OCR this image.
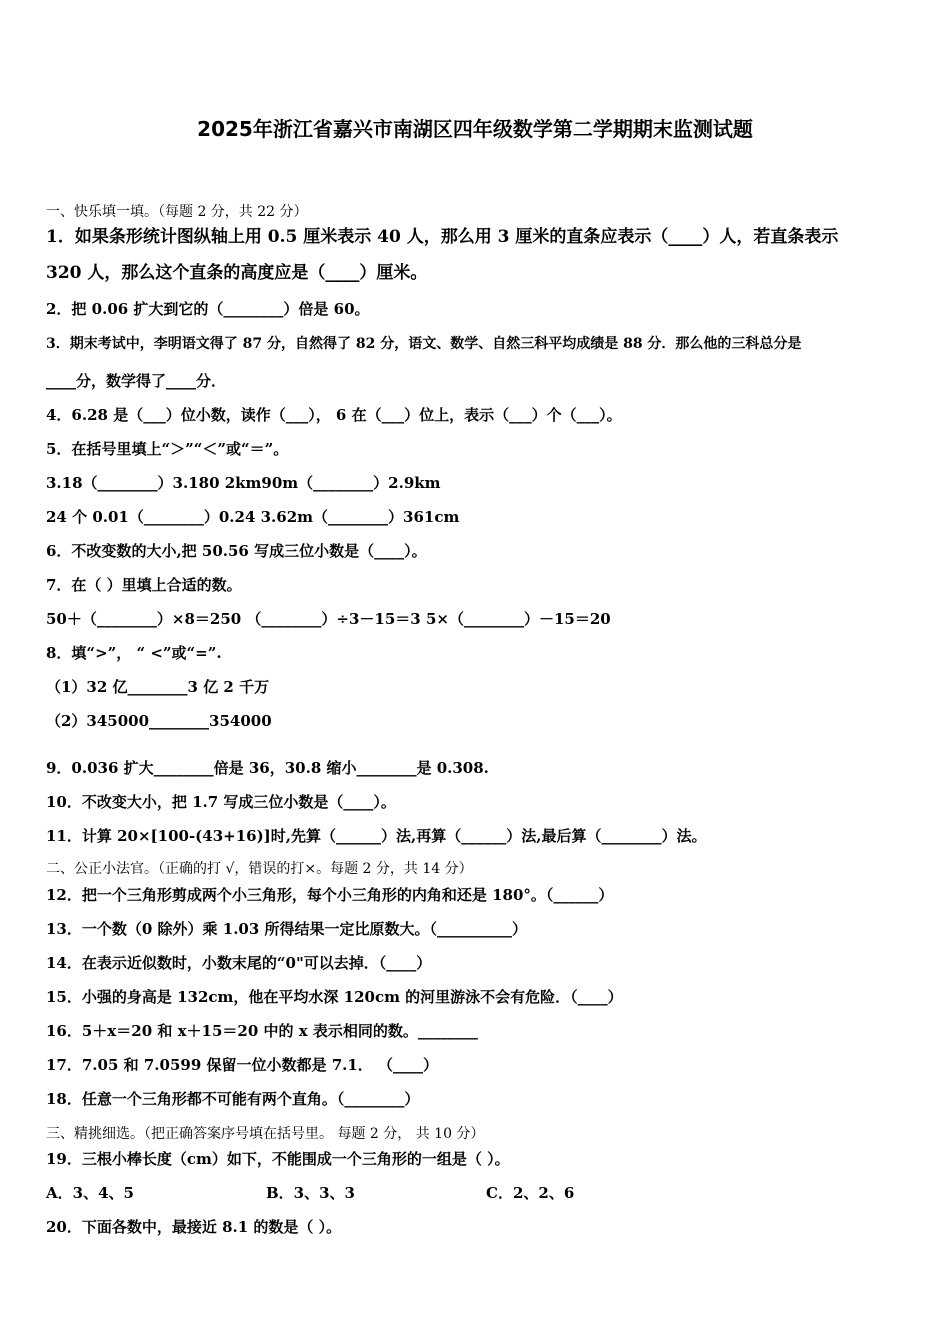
2025年浙江省嘉兴市南湖区四年级数学第二学期期末监测试题
一、快乐填一填。（每题 2 分，共 22 分）
1．如果条形统计图纵轴上用 0.5 厘米表示 40 人，那么用 3 厘米的直条应表示（____）人，若直条表示
320 人，那么这个直条的高度应是（____）厘米。
2．把 0.06 扩大到它的（________）倍是 60。
3．期末考试中，李明语文得了 87 分，自然得了 82 分，语文、数学、自然三科平均成绩是 88 分．那么他的三科总分是
____分，数学得了____分．
4．6.28 是（___）位小数，读作（___）， 6 在（___）位上，表示（___）个（___）。
5．在括号里填上“＞”“＜”或“＝”。
3.18（________）3.180 2km90m（________）2.9km
24 个 0.01（________）0.24 3.62m（________）361cm
6．不改变数的大小,把 50.56 写成三位小数是（____）。
7．在（ ）里填上合适的数。
50＋（________）×8＝250 （________）÷3－15＝3 5×（________）－15＝20
8．填“>”， “ <”或“=”.
（1）32 亿________3 亿 2 千万
（2）345000________354000
9．0.036 扩大________倍是 36，30.8 缩小________是 0.308.
10．不改变大小，把 1.7 写成三位小数是（____）。
11．计算 20×[100-(43+16)]时,先算（______）法,再算（______）法,最后算（________）法。
二、公正小法官。（正确的打 √，错误的打×。每题 2 分，共 14 分）
12．把一个三角形剪成两个小三角形，每个小三角形的内角和还是 180°。（______）
13．一个数（0 除外）乘 1.03 所得结果一定比原数大。（__________）
14．在表示近似数时，小数末尾的“0"可以去掉．（____）
15．小强的身高是 132cm，他在平均水深 120cm 的河里游泳不会有危险．（____）
16．5＋x＝20 和 x＋15＝20 中的 x 表示相同的数。________
17．7.05 和 7.0599 保留一位小数都是 7.1． （____）
18．任意一个三角形都不可能有两个直角。（________）
三、精挑细选。（把正确答案序号填在括号里。 每题 2 分， 共 10 分）
19．三根小棒长度（cm）如下，不能围成一个三角形的一组是（ ）。
A．3、4、5	B．3、3、3	C．2、2、6
20．下面各数中，最接近 8.1 的数是（ ）。
